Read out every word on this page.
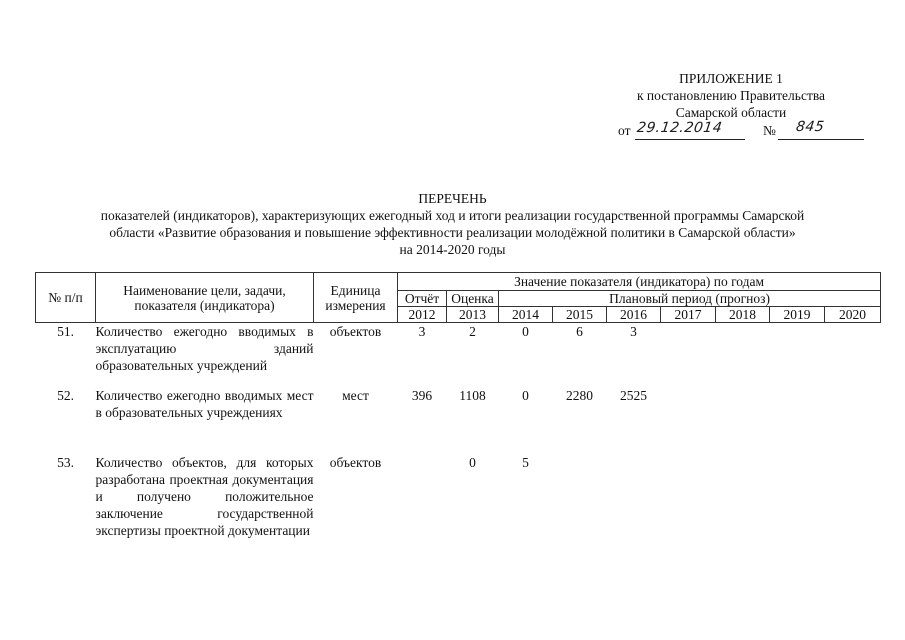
ПРИЛОЖЕНИЕ 1
к постановлению Правительства
Самарской области
от 29.12.2014	№ 845
ПЕРЕЧЕНЬ
показателей (индикаторов), характеризующих ежегодный ход и итоги реализации государственной программы Самарской
области «Развитие образования и повышение эффективности реализации молодёжной политики в Самарской области»
на 2014-2020 годы
№ п/п	Наименование цели, задачи, показателя (индикатора)	Единица измерения	Значение показателя (индикатора) по годам								
			Отчёт	Оценка	Плановый период (прогноз)						
			2012	2013	2014	2015	2016	2017	2018	2019	2020
51.	Количество ежегодно вводимых в эксплуатацию зданий образовательных учреждений	объектов	3	2	0	6	3				
52.	Количество ежегодно вводимых мест в образовательных учреждениях	мест	396	1108	0	2280	2525				
53.	Количество объектов, для которых разработана проектная документация и получено положительное заключение государственной экспертизы проектной документации	объектов		0	5						
